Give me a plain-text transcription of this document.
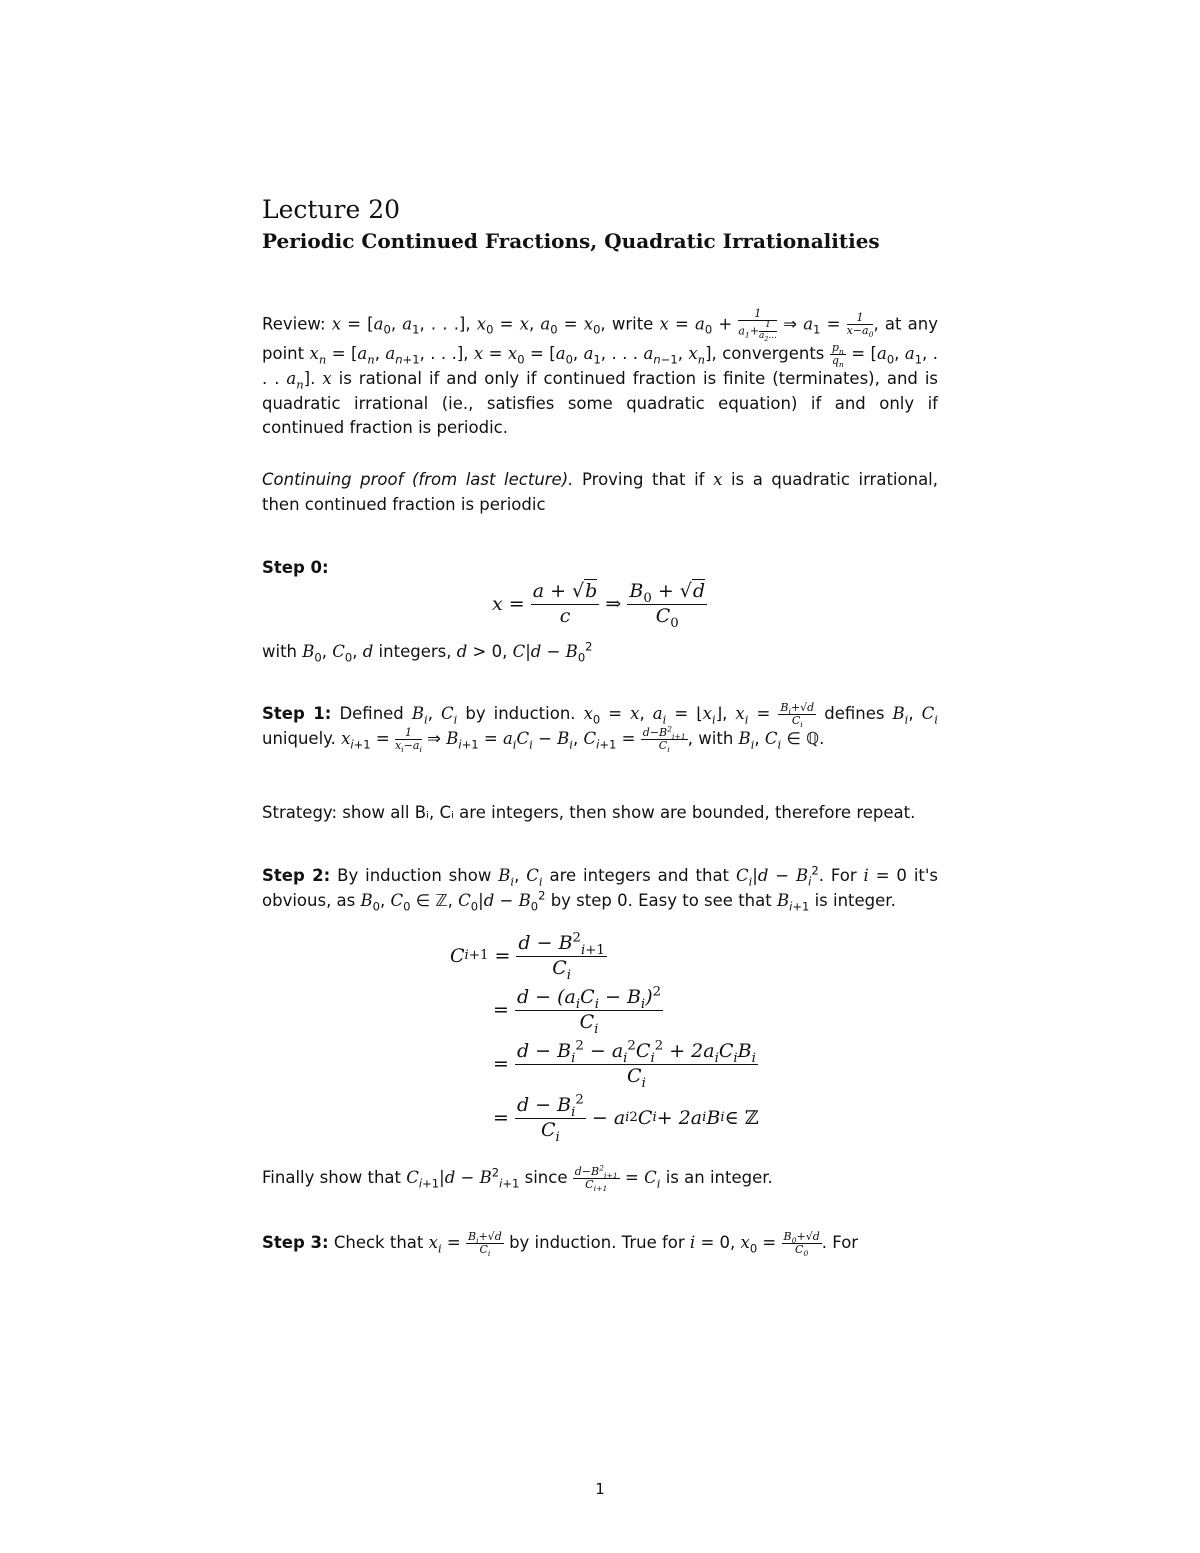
Lecture 20
Periodic Continued Fractions, Quadratic Irrationalities
Review: $x = [a_0$, $a_1$, . . .], $x_0 = x$, $a_0 = x_0$, write $x = a_0 + \frac{1}{a_1+ \frac{1}{a_2...}}$ ⇒ $a_1 = \frac{1}{x-a_0}$ , at any point $x_n = [a_n$, $a_{n+1}$, . . .], $x = x_0 = [a_0$, $a_1$, . . . $a_{n-1}$, $x_n$], convergents $\frac{p_n}{q_n} = [a_0$, $a_1$, . . . $a_n$]. x is rational if and only if continued fraction is finite (terminates), and is quadratic irrational (ie., satisfies some quadratic equation) if and only if continued fraction is periodic.
Continuing proof (from last lecture). Proving that if x is a quadratic irrational, then continued fraction is periodic
Step 0:
$x = \frac{a + √b}{c}$
⇒
$\frac{B_0 + √d}{C_0}$
with $B_0$, $C_0$, d integers, d > 0, $C|d - B_0^2$
Step 1: Defined $B_i$, $C_i$ by induction. $x_0 = x$, $a_i$ = $⌊x_i⌋$, $x_i = \frac{B_i+√d}{C_i}$ defines $B_i$, $C_i$ uniquely. $x_{i+1} = \frac{1}{x_i-a_i}$ ⇒ $B_{i+1} = a_iC_i - B_i$, $C_{i+1} = \frac{d-B^2_{i+1}}{C_i}$ , with $B_i$, $C_i$ ∈ ℚ.
Strategy: show all Bᵢ, Cᵢ are integers, then show are bounded, therefore repeat.
Step 2: By induction show $B_i$, $C_i$ are integers and that $C_i|d - B_i^2$. For i = 0 it's obvious, as $B_0$, $C_0$ ∈ ℤ, $C_0|d - B_0^2$ by step 0. Easy to see that $B_{i+1}$ is integer.
C $i+1 = \frac{d - B^2_{i+1}}{C_i}$
= $\frac{d - (a_iC_i - B_i)^2}{C_i}$
= $\frac{d - B_i^2 - a_i^2C_i^2 + 2a_iC_iB_i}{C_i}$
= $\frac{d - B_i^2}{C_i} - a$ i 2 C i + 2a i B i ∈ ℤ
Finally show that $C_{i+1}|d - B^2_{i+1}$ since $\frac{d-B^2_{i+1}}{C_{i+1}} = C_i$ is an integer.
Step 3: Check that $x_i = \frac{B_i+√d}{C_i}$ by induction. True for i = 0, $x_0 = \frac{B_0+√d}{C_0}$ . For
1
